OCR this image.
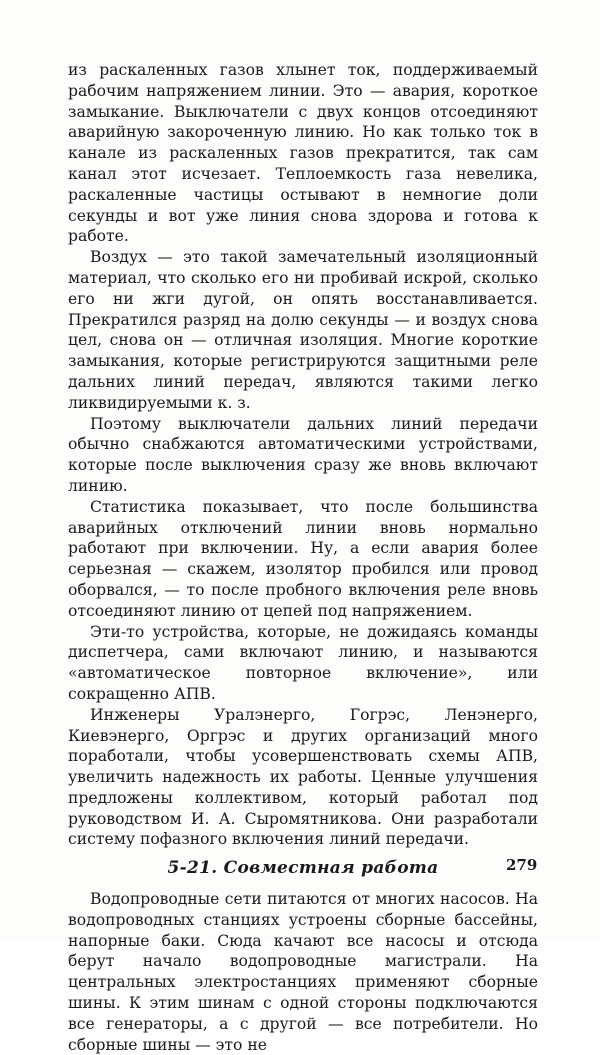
из раскаленных газов хлынет ток, поддерживаемый рабочим напряжением линии. Это — авария, короткое замыкание. Выключатели с двух концов отсоединяют аварийную закороченную линию. Но как только ток в канале из раскаленных газов прекратится, так сам канал этот исчезает. Теплоемкость газа невелика, раскаленные частицы остывают в немногие доли секунды и вот уже линия снова здорова и готова к работе.

Воздух — это такой замечательный изоляционный материал, что сколько его ни пробивай искрой, сколько его ни жги дугой, он опять восстанавливается. Прекратился разряд на долю секунды — и воздух снова цел, снова он — отличная изоляция. Многие короткие замыкания, которые регистрируются защитными реле дальних линий передач, являются такими легко ликвидируемыми к. з.

Поэтому выключатели дальних линий передачи обычно снабжаются автоматическими устройствами, которые после выключения сразу же вновь включают линию.

Статистика показывает, что после большинства аварийных отключений линии вновь нормально работают при включении. Ну, а если авария более серьезная — скажем, изолятор пробился или провод оборвался, — то после пробного включения реле вновь отсоединяют линию от цепей под напряжением.

Эти-то устройства, которые, не дожидаясь команды диспетчера, сами включают линию, и называются «автоматическое повторное включение», или сокращенно АПВ.

Инженеры Уралэнерго, Гогрэс, Ленэнерго, Киевэнерго, Оргрэс и других организаций много поработали, чтобы усовершенствовать схемы АПВ, увеличить надежность их работы. Ценные улучшения предложены коллективом, который работал под руководством И. А. Сыромятникова. Они разработали систему пофазного включения линий передачи.

5-21. Совместная работа

Водопроводные сети питаются от многих насосов. На водопроводных станциях устроены сборные бассейны, напорные баки. Сюда качают все насосы и отсюда берут начало водопроводные магистрали. На центральных электростанциях применяют сборные шины. К этим шинам с одной стороны подключаются все генераторы, а с другой — все потребители. Но сборные шины — это не

279
